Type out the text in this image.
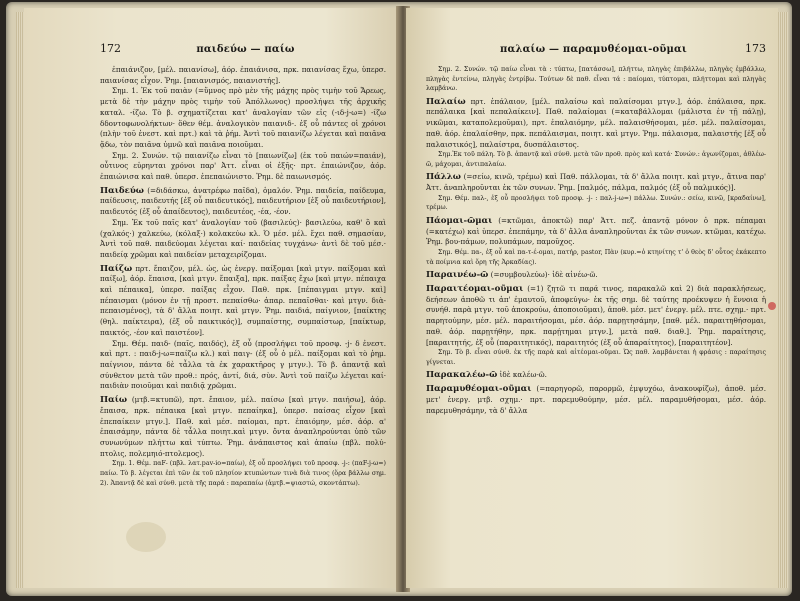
172	παιδεύω — παίω

ἐπαιάνιζον, [μέλ. παιανίσω], ἀόρ. ἐπαιάνισα, πρκ. παιανίσας ἔχω, ὑπερσ. παιανίσας εἶχον. Ῥημ. [παιανισμός, παιανιστής].

Σημ. 1. Ἐκ τοῦ παιὰν (=ὕμνος πρὸ μὲν τῆς μάχης πρὸς τιμὴν τοῦ Ἄρεως, μετὰ δὲ τὴν μάχην πρὸς τιμὴν τοῦ Ἀπόλλωνος) προσλήψει τῆς ἀρχικῆς καταλ. -ίζω. Τὸ β. σχηματίζεται κατ' ἀναλογίαν τῶν εἰς (-ιδ-j-ω=) -ίζω δδοντοφωνολήκτων· ὅθεν θέμ. ἀναλογικὸν παιανιδ-. ἐξ οὗ πάντες οἱ χρόνοι (πλὴν τοῦ ἐνεστ. καὶ πρτ.) καὶ τὰ ῥήμ. Ἀντὶ τοῦ παιανίζω λέγεται καὶ παιᾶνα ᾄδω, τὸν παιᾶνα ὑμνῶ καὶ παιᾶνα ποιοῦμαι.

Σημ. 2. Συνών. τῷ παιανίζω εἶναι τὸ [παιωνίζω] (ἐκ τοῦ παιών=παιάν), οὗτινος εὑρηνται χρόνοι παρ' Ἀττ. εἶναι οἱ ἑξῆς· πρτ. ἐπαιώνιζον, ἀόρ. ἐπαιώνισα καὶ παθ. ὑπερσ. ἐπεπαιώνιστο. Ῥημ. δὲ παιωνισμός.

Παιδεύω (=διδάσκω, ἀνατρέφω παῖδα), ὁμαλόν. Ῥημ. παιδεία, παίδευμα, παίδευσις, παιδευτής [ἐξ οὗ παιδευτικός], παιδευτήριον [ἐξ οὗ παιδευτήριον], παιδευτός (ἐξ οὗ ἀπαίδευτος), παιδευτέος, -έα, -έον.

Σημ. Ἐκ τοῦ παῖς κατ' ἀναλογίαν τοῦ (βασιλεύς)· βασιλεύω, καθ' ὃ καὶ (χαλκός·) χαλκεύω, (κόλαξ·) κολακεύω κλ. Ὁ μέσ. μέλ. ἔχει παθ. σημασίαν, Ἀντὶ τοῦ παθ. παιδεύομαι λέγεται καί· παιδείας τυγχάνω· ἀντὶ δὲ τοῦ μέσ.· παιδείᾳ χρῶμαι καὶ παιδείαν μεταχειρίζομαι.

Παίζω πρτ. ἔπαιζον, μέλ. ὡς, ὡς ἐνεργ. παίξομαι [καὶ μτγν. παίξομαι καὶ παίξω], ἀόρ. ἔπαισα, [καὶ μτγν. ἔπαιξα], πρκ. παίξας ἔχω [καὶ μτγν. πέπαιχα καὶ πέπαικα], ὑπερσ. παίξας εἶχον. Παθ. πρκ. [πέπαιγμαι μτγν. καὶ] πέπαισμαι (μόνον ἐν τῇ προστ. πεπαίσθω· ἀπαρ. πεπαῖσθαι· καὶ μτγν. διὰ-πεπαισμένος), τὰ δ' ἄλλα ποιητ. καὶ μτγν. Ῥημ. παιδιά, παίγνιον, [παίκτης (θηλ. παίκτειρα), (ἐξ οὗ παικτικός)], συμπαίστης, συμπαίστωρ, [παίκτωρ, παικτός, -έον καὶ παιστέον].

Σημ. Θέμ. παιδ- (παῖς, παιδός), ἐξ οὗ (προσλήψει τοῦ προσφ. -j- δ ἐνεστ. καὶ πρτ. : παιδ-j-ω=παίζω κλ.) καὶ παιγ- (ἐξ οὗ ὁ μέλ. παίξομαι καὶ τὸ ῥημ. παίγνιον, πάντα δὲ τἆλλα τὰ ἐκ χαρακτῆρος γ μτγν.). Τὸ β. ἀπαντᾷ καὶ σύνθετον μετὰ τῶν προθ.: πρός, ἀντί, διά, σὺν. Ἀντὶ τοῦ παίζω λέγεται καί· παιδιὰν ποιοῦμαι καὶ παιδιᾷ χρῶμαι.

Παίω (μτβ.=κτυπῶ), πρτ. ἔπαιον, μέλ. παίσω [καὶ μτγν. παιήσω], ἀόρ. ἔπαισα, πρκ. πέπαικα [καὶ μτγν. πεπαίηκα], ὑπερσ. παίσας εἶχον [καὶ ἐπεπαίκειν μτγν.]. Παθ. καὶ μέσ. παίομαι, πρτ. ἐπαιόμην, μέσ. ἀόρ. α' ἐπαισάμην, πάντα δὲ τἆλλα ποιητ.καὶ μτγν. ὄντα ἀναπληρούνται ὑπὸ τῶν συνωνύμων πλήττω καὶ τύπτω. Ῥημ. ἀνάπαιστος καὶ ἀπαίω (πβλ. πολύ-πτολις, πολεμηιό-πτολεμος).

Σημ. 1. Θέμ. παF- (πβλ. λατ.pav-io=παίω), ἐξ οὗ προσλήψει τοῦ προσφ. -j-: (παF-j-ω=) παίω. Τὸ β. λέγεται ἐπὶ τῶν ἐκ τοῦ πλησίον κτυπώντων τινὰ διὰ τινος (ὅρα βάλλω σημ. 2). Ἀπαντᾷ δὲ καὶ σύνθ. μετὰ τῆς παρά : παραπαίω (ἀμτβ.=ψιαστώ, σκοντάπτω).

παλαίω — παραμυθέομαι-οῦμαι	173

Σημ. 2. Συνών. τῷ παίω εἶναι τὰ : τύπτω, [πατάσσω], πλήττω, πληγὰς ἐπιβάλλω, πληγὰς ἐμβάλλω, πληγὰς ἐντείνω, πληγὰς ἐντρίβω. Τούτων δὲ παθ. εἶναι τά : παίομαι, τύπτομαι, πλήττομαι καὶ πληγὰς λαμβάνω.

Παλαίω πρτ. ἐπάλαιον, [μέλ. παλαίσω καὶ παλαίσομαι μτγν.], ἀόρ. ἐπάλαισα, πρκ. πεπάλαικα [καὶ πεπαλαίκειν]. Παθ. παλαίομαι (=καταβάλλομαι (μάλιστα ἐν τῇ πάλῃ), νικῶμαι, καταπολεμοῦμαι), πρτ. ἐπαλαιόμην, μέλ. παλαισθήσομαι, μέσ. μέλ. παλαίσομαι, παθ. ἀόρ. ἐπαλαίσθην, πρκ. πεπάλαισμαι, ποιητ. καὶ μτγν. Ῥημ. πάλαισμα, παλαιστής [ἐξ οὗ παλαιστικός], παλαίστρα, δυσπάλαιστος.

Σημ.Ἐκ τοῦ πάλη. Τὸ β. ἀπαντᾷ καὶ σύνθ. μετὰ τῶν προθ. πρὸς καὶ κατά· Συνών.: ἀγωνίζομαι, ἀθλέω-ῶ, μάχομαι, ἀντιπαλαίω.

Πάλλω (=σείω, κινῶ, τρέμω) καὶ Παθ. πάλλομαι, τὰ δ' ἄλλα ποιητ. καὶ μτγν., ἅτινα παρ' Ἀττ. ἀναπληροῦνται ἐκ τῶν συνων. Ῥημ. [παλμός, πάλμα, παλμός (ἐξ οὗ παλμικός)].

Σημ. Θέμ. παλ-, ἐξ οὗ προσλήψει τοῦ προσφ. -j- : παλ-j-ω=) πάλλω. Συνών.: σείω, κινῶ, [κραδαίνω], τρέμω.

Πάομαι-ῶμαι (=κτῶμαι, ἀποκτῶ) παρ' Ἀττ. πεζ. ἀπαντᾷ μόνον ὁ πρκ. πέπαμαι (=κατέχω) καὶ ὑπερσ. ἐπεπάμην, τὰ δ' ἄλλα ἀναπληροῦνται ἐκ τῶν συνων. κτῶμαι, κατέχω. Ῥημ. βου-πάμων, πολυπάμων, παμοῦχος.

Σημ. Θέμ. πα-, ἐξ οὗ καὶ πα-τ-έ-ομαι, πατήρ, pastor, Πὰν (κυρ.=ὁ κτηνίτης τ' ὁ θεὸς δ' οὗτος ἐκάκεπτο τὰ ποίμνια καὶ ὄρη τῆς Ἀρκαδίας).

Παραινέω-ῶ (=συμβουλεύω)· ἰδὲ αἰνέω-ῶ.

Παραιτέομαι-οῦμαι (=1) ζητῶ τι παρά τινος, παρακαλῶ καὶ 2) διὰ παρακλήσεως, δεήσεων ἀποθῶ τι ἀπ' ἐμαυτοῦ, ἀποφεύγω· ἐκ τῆς σημ. δὲ ταύτης προέκυψεν ἡ ἔννοια ἡ συνήθ. παρὰ μτγν. τοῦ ἀποκρούω, ἀποποιοῦμαι), ἀποθ. μέσ. μετ' ἐνεργ. μέλ. πτε. σχημ.· πρτ. παρητούμην, μέσ. μέλ. παραιτήσομαι, μέσ. ἀόρ. παρῃτησάμην, [παθ. μέλ. παραιτηθήσομαι, παθ. ἀόρ. παρῃτήθην, πρκ. παρῄτημαι μτγν.], μετὰ παθ. διαθ.]. Ῥημ. παραίτησις, [παραιτητής, ἐξ οὗ (παραιτητικός), παραιτητός (ἐξ οὗ ἀπαραίτητος), [παραιτητέον].

Σημ. Τὸ β. εἶναι σύνθ. ἐκ τῆς παρὰ καὶ αἰτέομαι-οῦμαι. Ὡς παθ. λαμβάνεται ἡ φράσις : παραίτησις γίγνεται.

Παρακαλέω-ῶ ἰδὲ καλέω-ῶ.

Παραμυθέομαι-οῦμαι (=παρηγορῶ, παρορμῶ, ἐμψυχόω, ἀνακουφίζω), ἀποθ. μέσ. μετ' ἐνεργ. μτβ. σχημ.· πρτ. παρεμυθούμην, μέσ. μέλ. παραμυθήσομαι, μέσ. ἀόρ. παρεμυθησάμην, τὰ δ' ἄλλα
